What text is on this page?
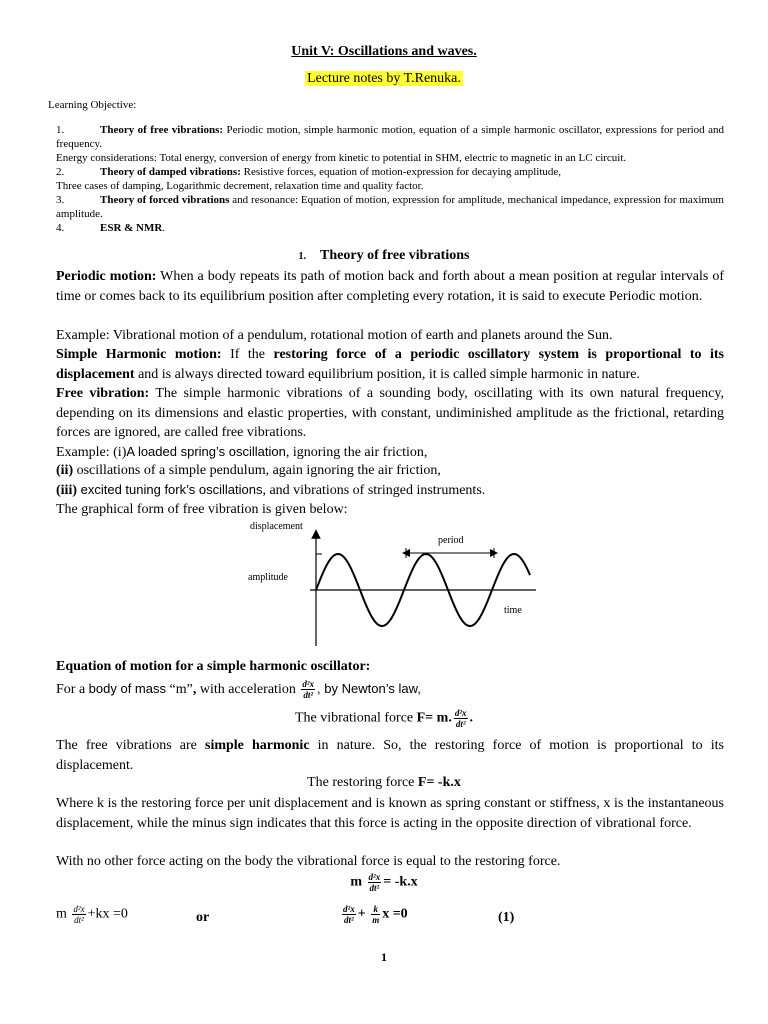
Unit V: Oscillations and waves.
Lecture notes by T.Renuka.
Learning Objective:
1.	Theory of free vibrations: Periodic motion, simple harmonic motion, equation of a simple harmonic oscillator, expressions for period and frequency.
Energy considerations: Total energy, conversion of energy from kinetic to potential in SHM, electric to magnetic in an LC circuit.
2.	Theory of damped vibrations: Resistive forces, equation of motion-expression for decaying amplitude,
Three cases of damping, Logarithmic decrement, relaxation time and quality factor.
3.	Theory of forced vibrations and resonance: Equation of motion, expression for amplitude, mechanical impedance, expression for maximum amplitude.
4.	ESR & NMR.
1. Theory of free vibrations
Periodic motion: When a body repeats its path of motion back and forth about a mean position at regular intervals of time or comes back to its equilibrium position after completing every rotation, it is said to execute Periodic motion.
Example: Vibrational motion of a pendulum, rotational motion of earth and planets around the Sun.
Simple Harmonic motion: If the restoring force of a periodic oscillatory system is proportional to its displacement and is always directed toward equilibrium position, it is called simple harmonic in nature.
Free vibration: The simple harmonic vibrations of a sounding body, oscillating with its own natural frequency, depending on its dimensions and elastic properties, with constant, undiminished amplitude as the frictional, retarding forces are ignored, are called free vibrations.
Example: (i)A loaded spring’s oscillation, ignoring the air friction,
(ii) oscillations of a simple pendulum, again ignoring the air friction,
(iii) excited tuning fork’s oscillations, and vibrations of stringed instruments.
The graphical form of free vibration is given below:
displacement
time
amplitude
period
Equation of motion for a simple harmonic oscillator:
For a body of mass “m”, with acceleration $\frac{\text{d²x}}{\text{dt²}}$ , by Newton’s law,
The vibrational force F= m. $\frac{\text{d²x}}{\text{dt²}}$ .
The free vibrations are simple harmonic in nature. So, the restoring force of motion is proportional to its displacement.
The restoring force F= -k.x
Where k is the restoring force per unit displacement and is known as spring constant or stiffness, x is the instantaneous displacement, while the minus sign indicates that this force is acting in the opposite direction of vibrational force.
With no other force acting on the body the vibrational force is equal to the restoring force.
m $\frac{\text{d²x}}{\text{dt²}} = -k.x$
m $\frac{\text{d²x}}{\text{dt²}} +kx =0$	or	$\frac{\text{d²x}}{\text{dt²}} + \frac{k}{m}$ x =0	(1)
1
